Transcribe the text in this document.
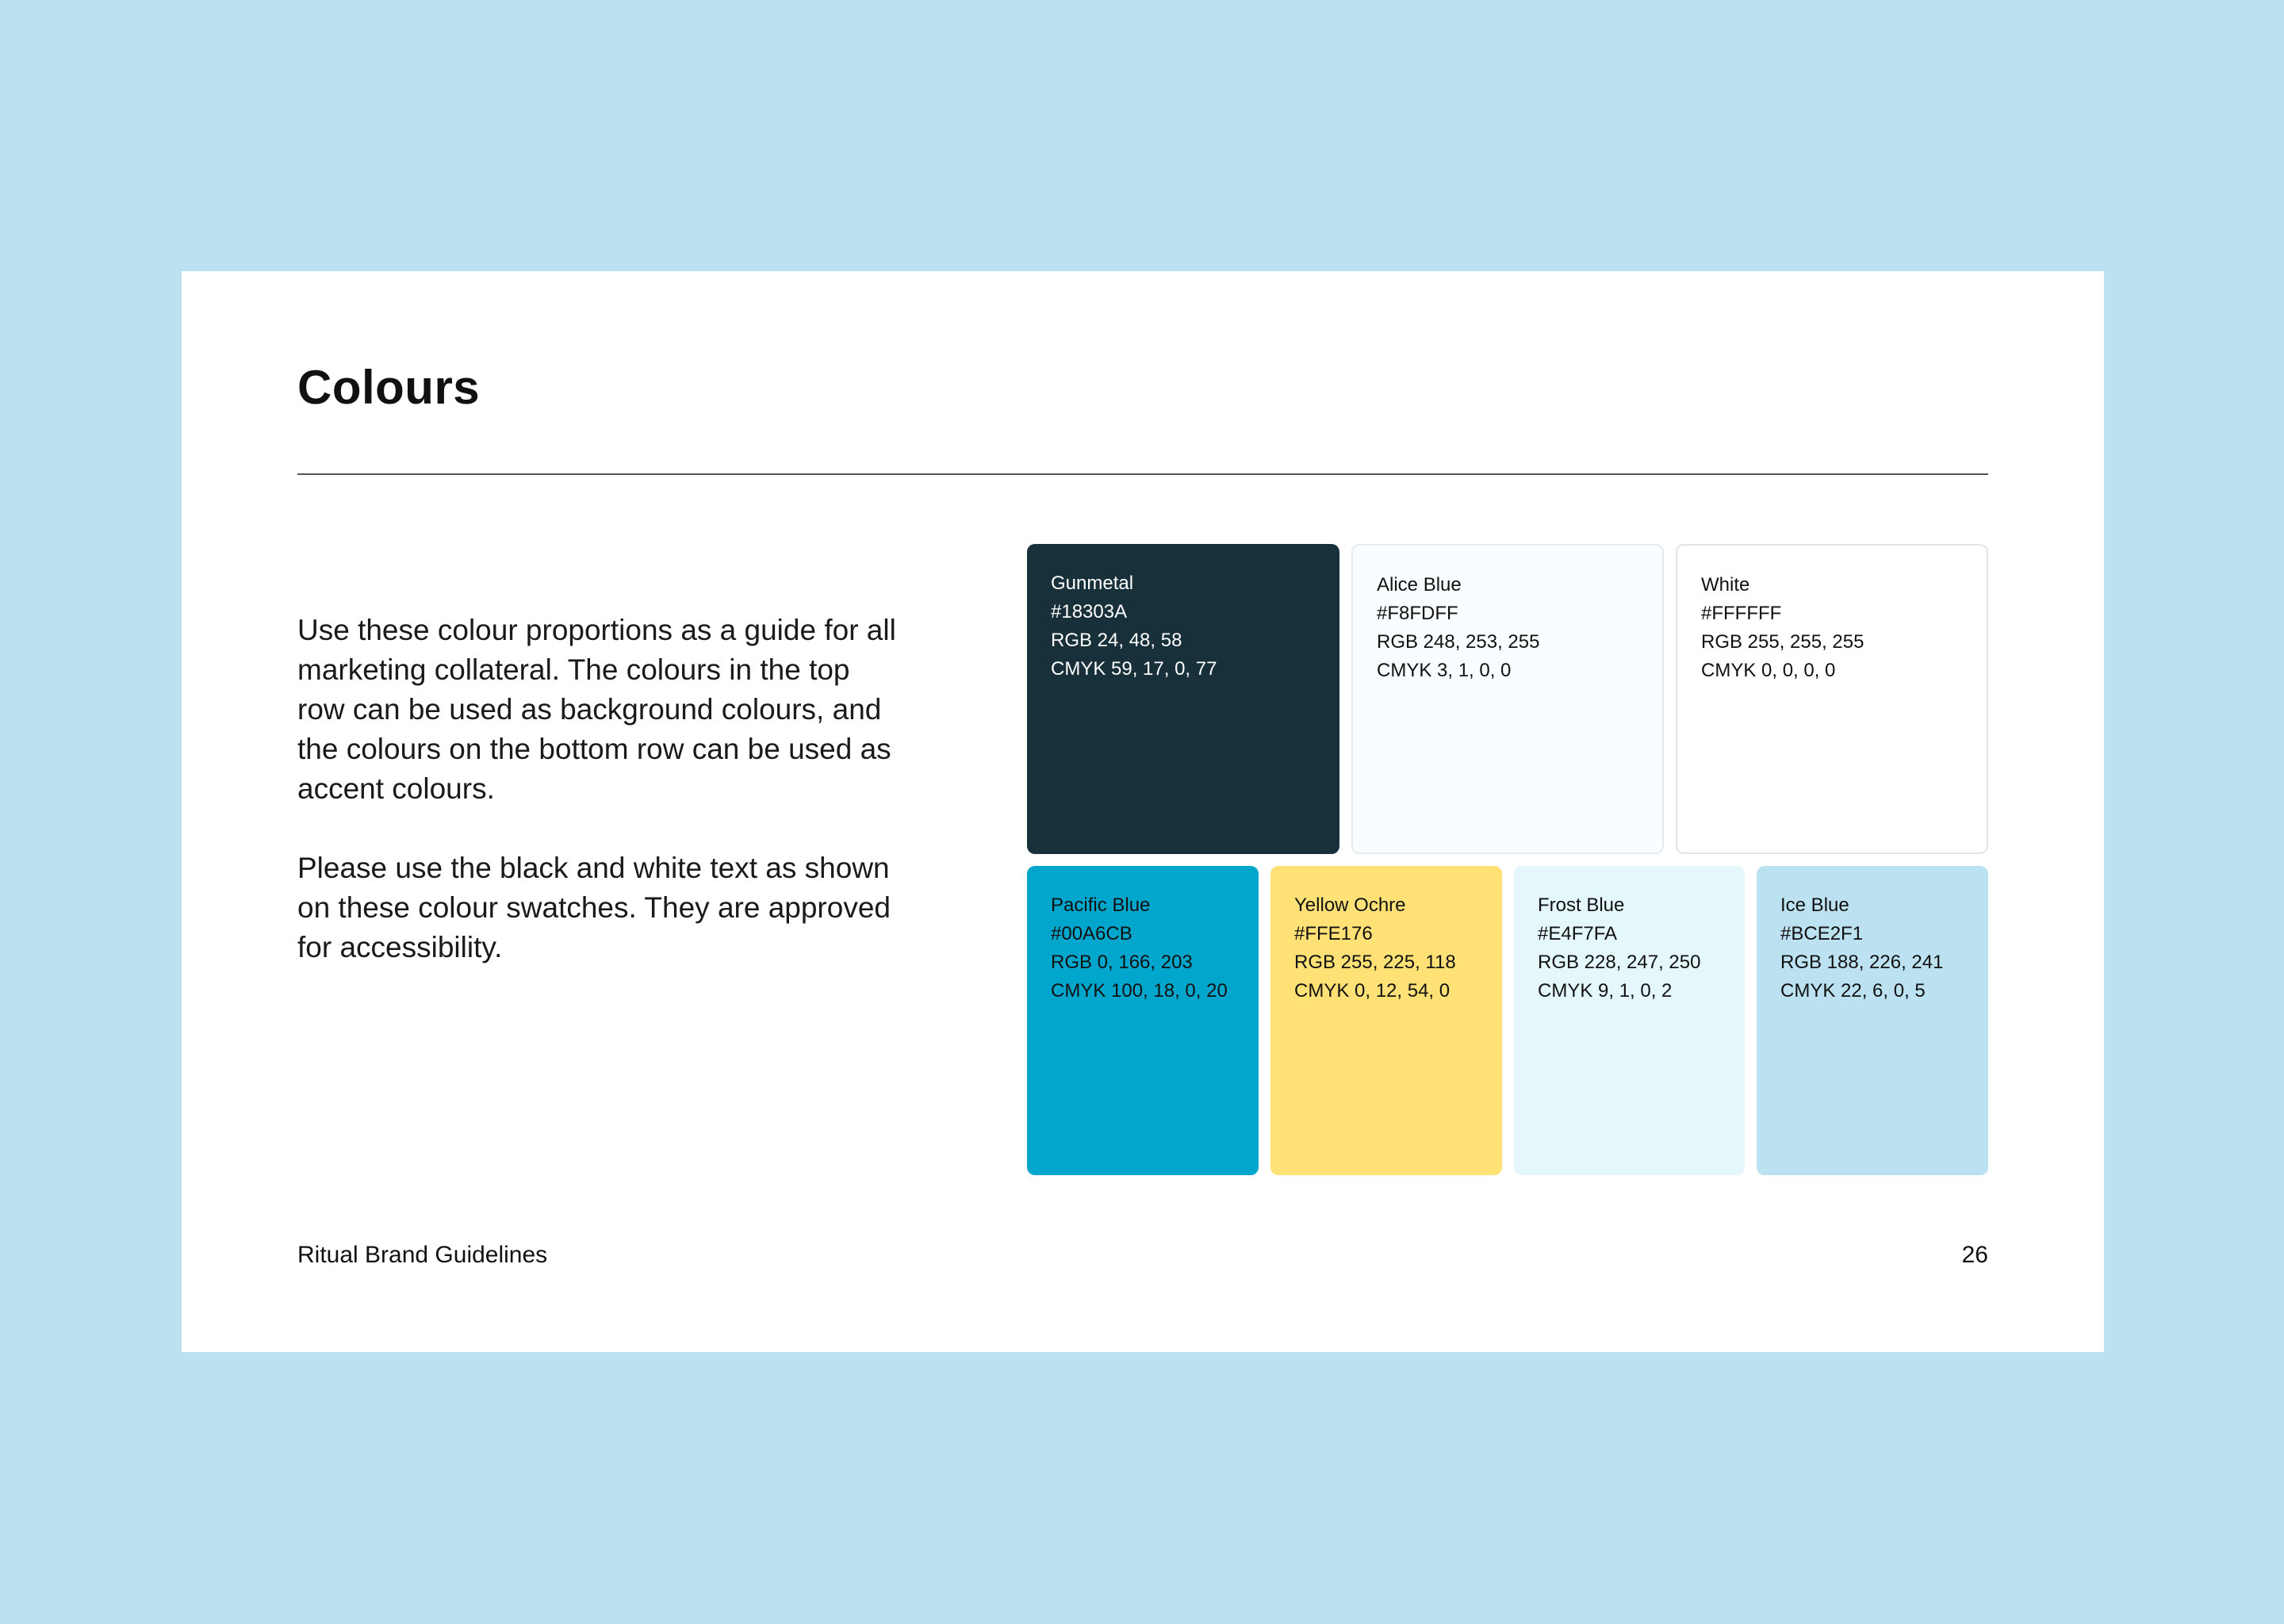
Colours

Use these colour proportions as a guide for all marketing collateral. The colours in the top row can be used as background colours, and the colours on the bottom row can be used as accent colours.

Please use the black and white text as shown on these colour swatches. They are approved for accessibility.

Gunmetal
#18303A
RGB 24, 48, 58
CMYK 59, 17, 0, 77
Alice Blue
#F8FDFF
RGB 248, 253, 255
CMYK 3, 1, 0, 0
White
#FFFFFF
RGB 255, 255, 255
CMYK 0, 0, 0, 0
Pacific Blue
#00A6CB
RGB 0, 166, 203
CMYK 100, 18, 0, 20
Yellow Ochre
#FFE176
RGB 255, 225, 118
CMYK 0, 12, 54, 0
Frost Blue
#E4F7FA
RGB 228, 247, 250
CMYK 9, 1, 0, 2
Ice Blue
#BCE2F1
RGB 188, 226, 241
CMYK 22, 6, 0, 5
Ritual Brand Guidelines	26
